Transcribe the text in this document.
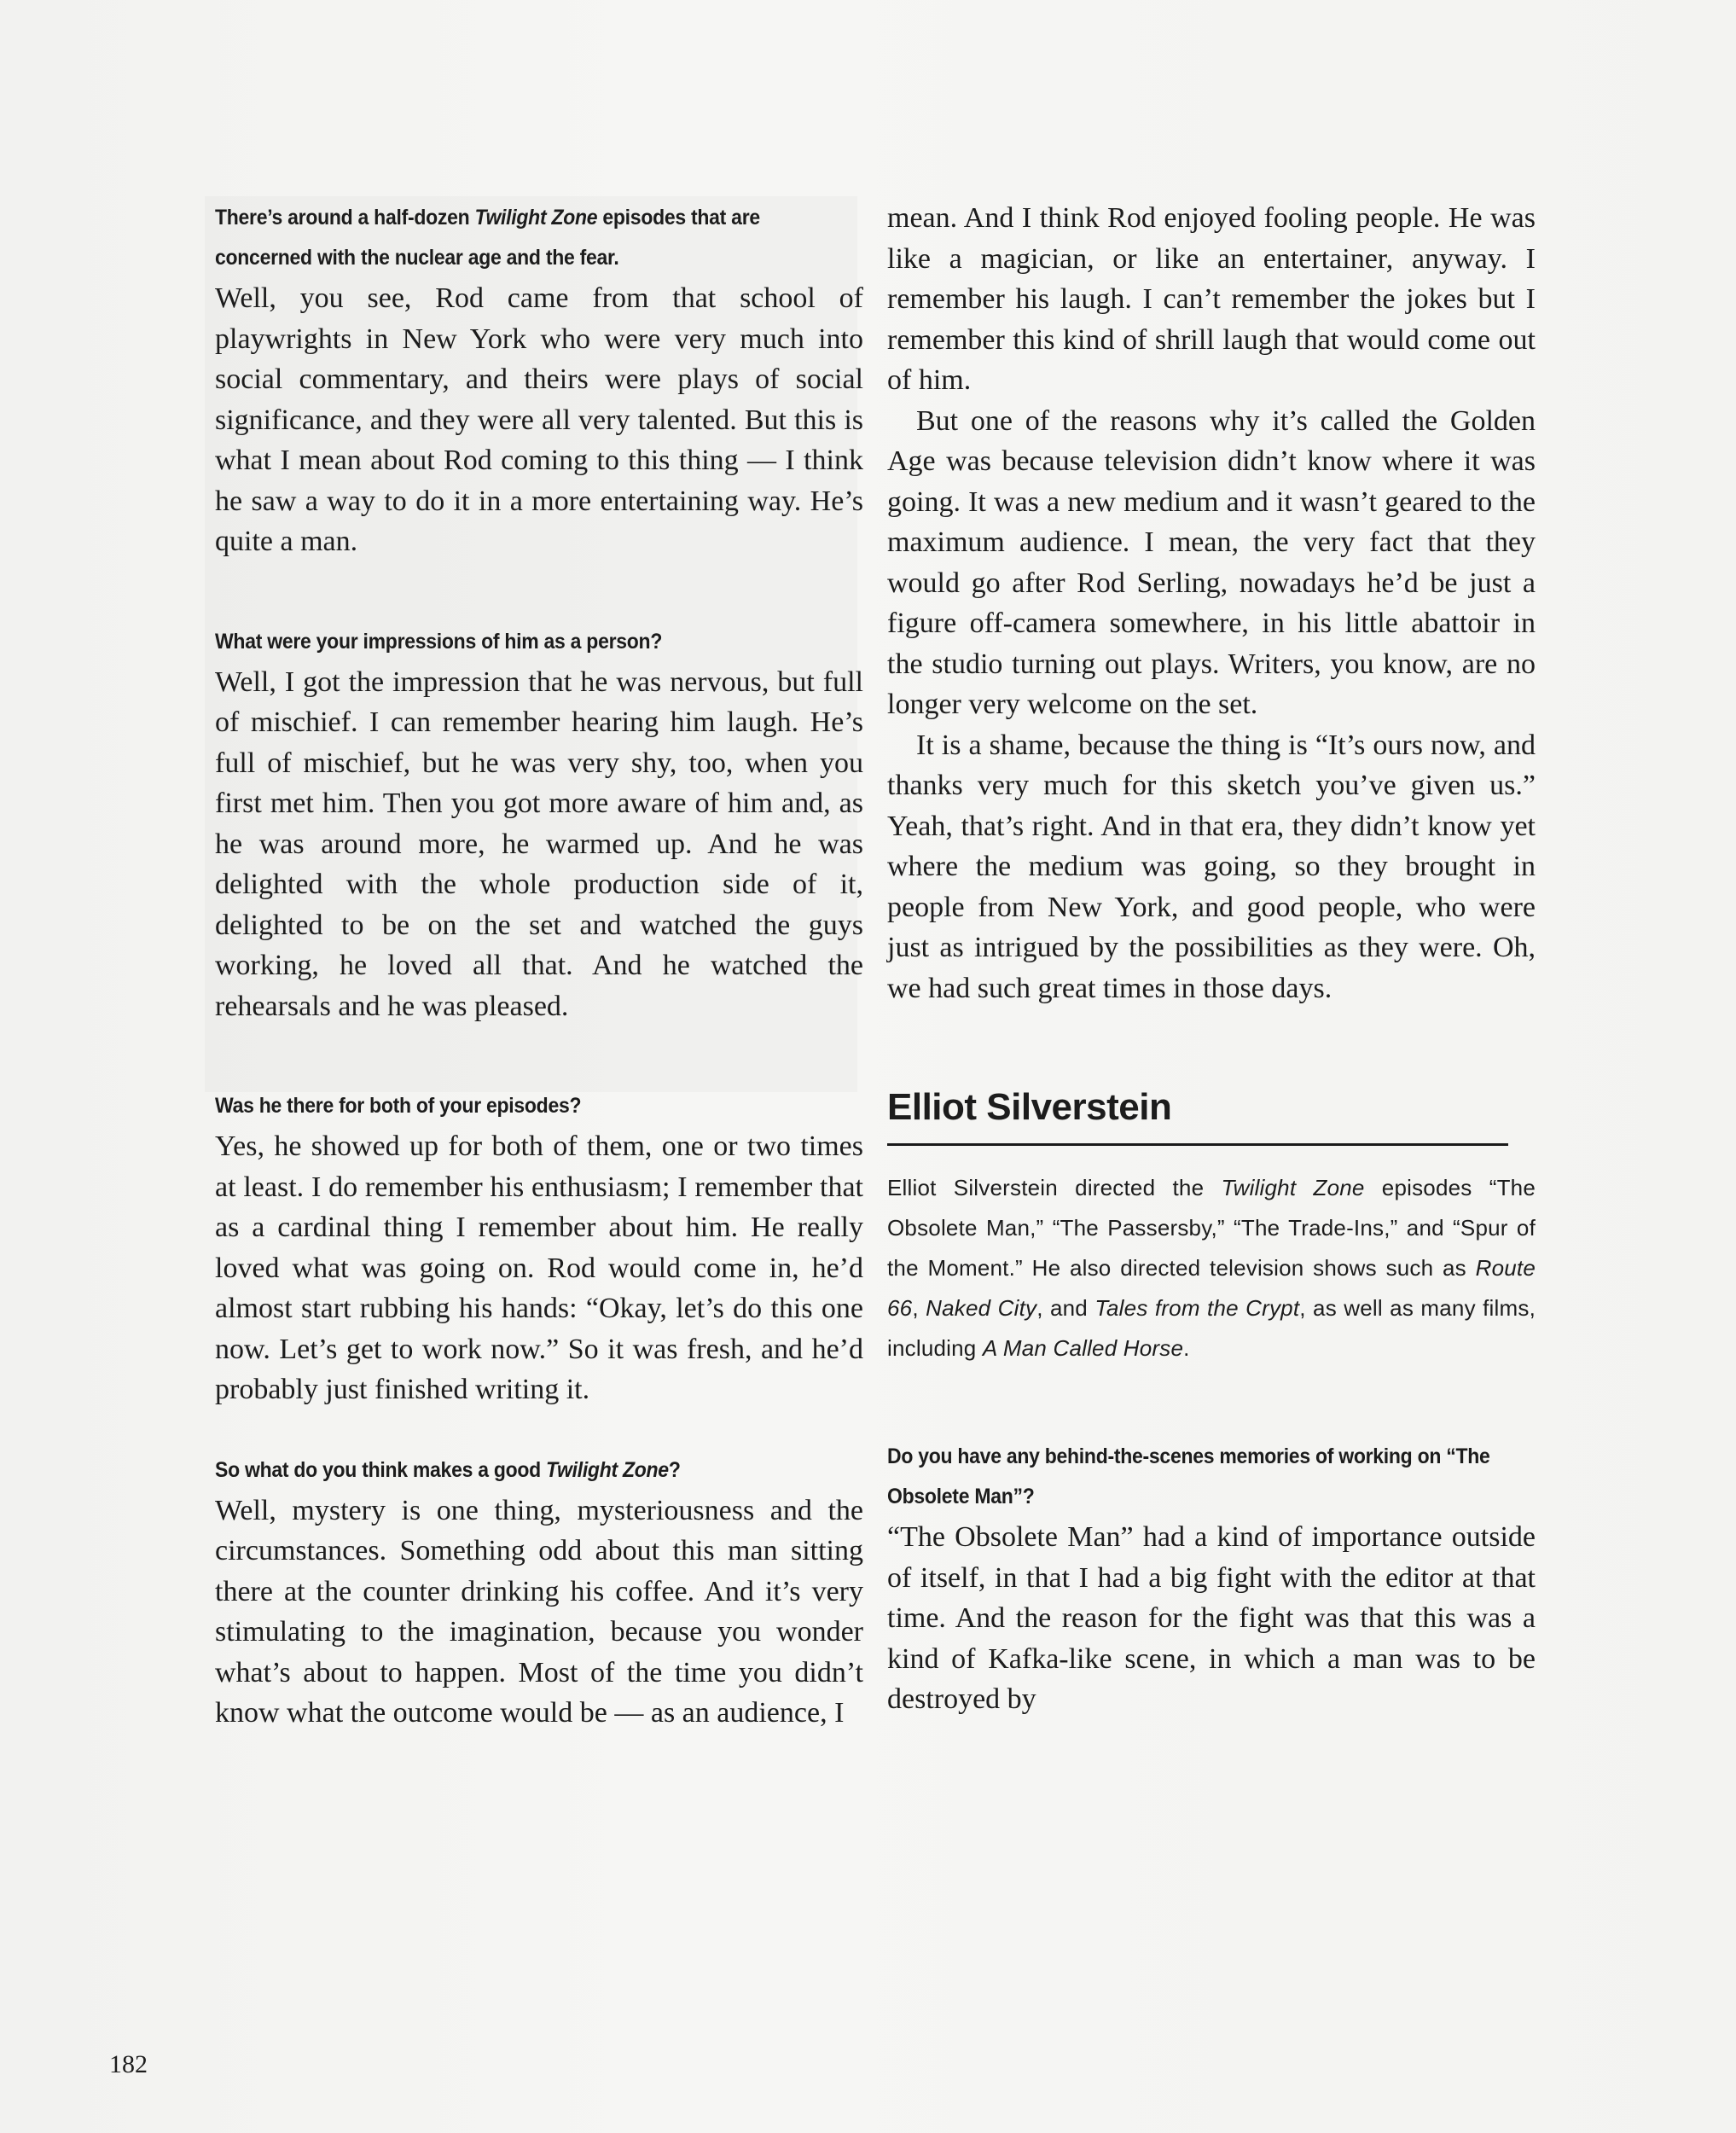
There’s around a half-dozen Twilight Zone episodes that are concerned with the nuclear age and the fear.

Well, you see, Rod came from that school of playwrights in New York who were very much into social commentary, and theirs were plays of social significance, and they were all very talented. But this is what I mean about Rod coming to this thing — I think he saw a way to do it in a more entertaining way. He’s quite a man.

What were your impressions of him as a person?

Well, I got the impression that he was nervous, but full of mischief. I can remember hearing him laugh. He’s full of mischief, but he was very shy, too, when you first met him. Then you got more aware of him and, as he was around more, he warmed up. And he was delighted with the whole production side of it, delighted to be on the set and watched the guys working, he loved all that. And he watched the rehearsals and he was pleased.

Was he there for both of your episodes?

Yes, he showed up for both of them, one or two times at least. I do remember his enthusiasm; I remember that as a cardinal thing I remember about him. He really loved what was going on. Rod would come in, he’d almost start rubbing his hands: “Okay, let’s do this one now. Let’s get to work now.” So it was fresh, and he’d probably just finished writing it.

So what do you think makes a good Twilight Zone?

Well, mystery is one thing, mysteriousness and the circumstances. Something odd about this man sitting there at the counter drinking his coffee. And it’s very stimulating to the imagination, because you wonder what’s about to happen. Most of the time you didn’t know what the outcome would be — as an audience, I

mean. And I think Rod enjoyed fooling people. He was like a magician, or like an entertainer, anyway. I remember his laugh. I can’t remember the jokes but I remember this kind of shrill laugh that would come out of him.

But one of the reasons why it’s called the Golden Age was because television didn’t know where it was going. It was a new medium and it wasn’t geared to the maximum audience. I mean, the very fact that they would go after Rod Serling, nowadays he’d be just a figure off-camera somewhere, in his little abattoir in the studio turning out plays. Writers, you know, are no longer very welcome on the set.

It is a shame, because the thing is “It’s ours now, and thanks very much for this sketch you’ve given us.” Yeah, that’s right. And in that era, they didn’t know yet where the medium was going, so they brought in people from New York, and good people, who were just as intrigued by the possibilities as they were. Oh, we had such great times in those days.

Elliot Silverstein

Elliot Silverstein directed the Twilight Zone episodes “The Obsolete Man,” “The Passersby,” “The Trade-Ins,” and “Spur of the Moment.” He also directed television shows such as Route 66, Naked City, and Tales from the Crypt, as well as many films, including A Man Called Horse.

Do you have any behind-the-scenes memories of working on “The Obsolete Man”?

“The Obsolete Man” had a kind of importance outside of itself, in that I had a big fight with the editor at that time. And the reason for the fight was that this was a kind of Kafka-like scene, in which a man was to be destroyed by

182
